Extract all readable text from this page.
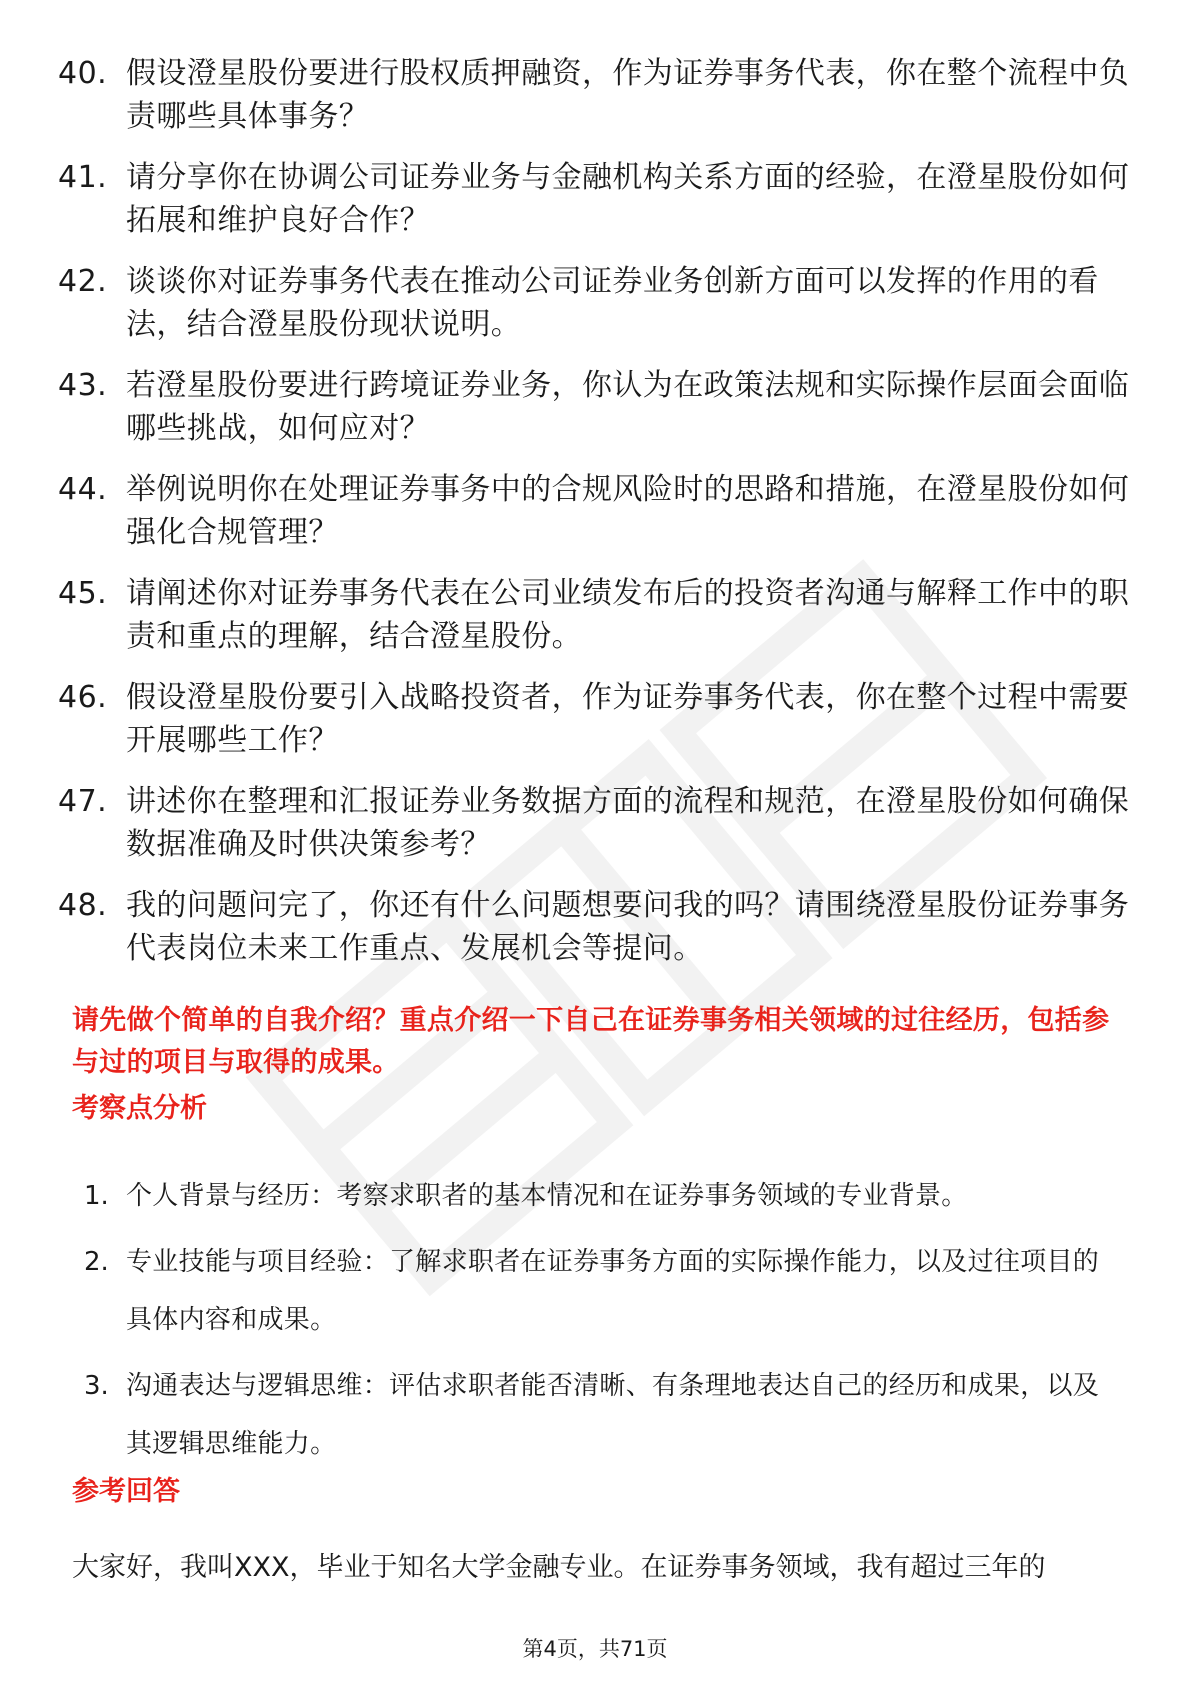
40. 假设澄星股份要进行股权质押融资，作为证券事务代表，你在整个流程中负责哪些具体事务？
41. 请分享你在协调公司证券业务与金融机构关系方面的经验，在澄星股份如何拓展和维护良好合作？
42. 谈谈你对证券事务代表在推动公司证券业务创新方面可以发挥的作用的看法，结合澄星股份现状说明。
43. 若澄星股份要进行跨境证券业务，你认为在政策法规和实际操作层面会面临哪些挑战，如何应对？
44. 举例说明你在处理证券事务中的合规风险时的思路和措施，在澄星股份如何强化合规管理？
45. 请阐述你对证券事务代表在公司业绩发布后的投资者沟通与解释工作中的职责和重点的理解，结合澄星股份。
46. 假设澄星股份要引入战略投资者，作为证券事务代表，你在整个过程中需要开展哪些工作？
47. 讲述你在整理和汇报证券业务数据方面的流程和规范，在澄星股份如何确保数据准确及时供决策参考？
48. 我的问题问完了，你还有什么问题想要问我的吗？请围绕澄星股份证券事务代表岗位未来工作重点、发展机会等提问。

请先做个简单的自我介绍？重点介绍一下自己在证券事务相关领域的过往经历，包括参与过的项目与取得的成果。

考察点分析
1. 个人背景与经历：考察求职者的基本情况和在证券事务领域的专业背景。
2. 专业技能与项目经验：了解求职者在证券事务方面的实际操作能力，以及过往项目的具体内容和成果。
3. 沟通表达与逻辑思维：评估求职者能否清晰、有条理地表达自己的经历和成果，以及其逻辑思维能力。
参考回答

大家好，我叫XXX，毕业于知名大学金融专业。在证券事务领域，我有超过三年的

第4页，共71页
